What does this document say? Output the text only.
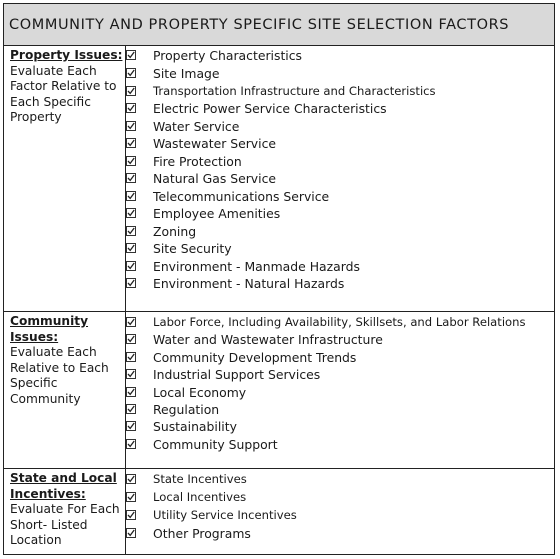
COMMUNITY AND PROPERTY SPECIFIC SITE SELECTION FACTORS
Property Issues:
Evaluate Each Factor Relative to Each Specific Property
Property Characteristics
Site Image
Transportation Infrastructure and Characteristics
Electric Power Service Characteristics
Water Service
Wastewater Service
Fire Protection
Natural Gas Service
Telecommunications Service
Employee Amenities
Zoning
Site Security
Environment - Manmade Hazards
Environment - Natural Hazards
Community Issues:
Evaluate Each Relative to Each Specific Community
Labor Force, Including Availability, Skillsets, and Labor Relations
Water and Wastewater Infrastructure
Community Development Trends
Industrial Support Services
Local Economy
Regulation
Sustainability
Community Support
State and Local Incentives:
Evaluate For Each Short- Listed Location
State Incentives
Local Incentives
Utility Service Incentives
Other Programs
